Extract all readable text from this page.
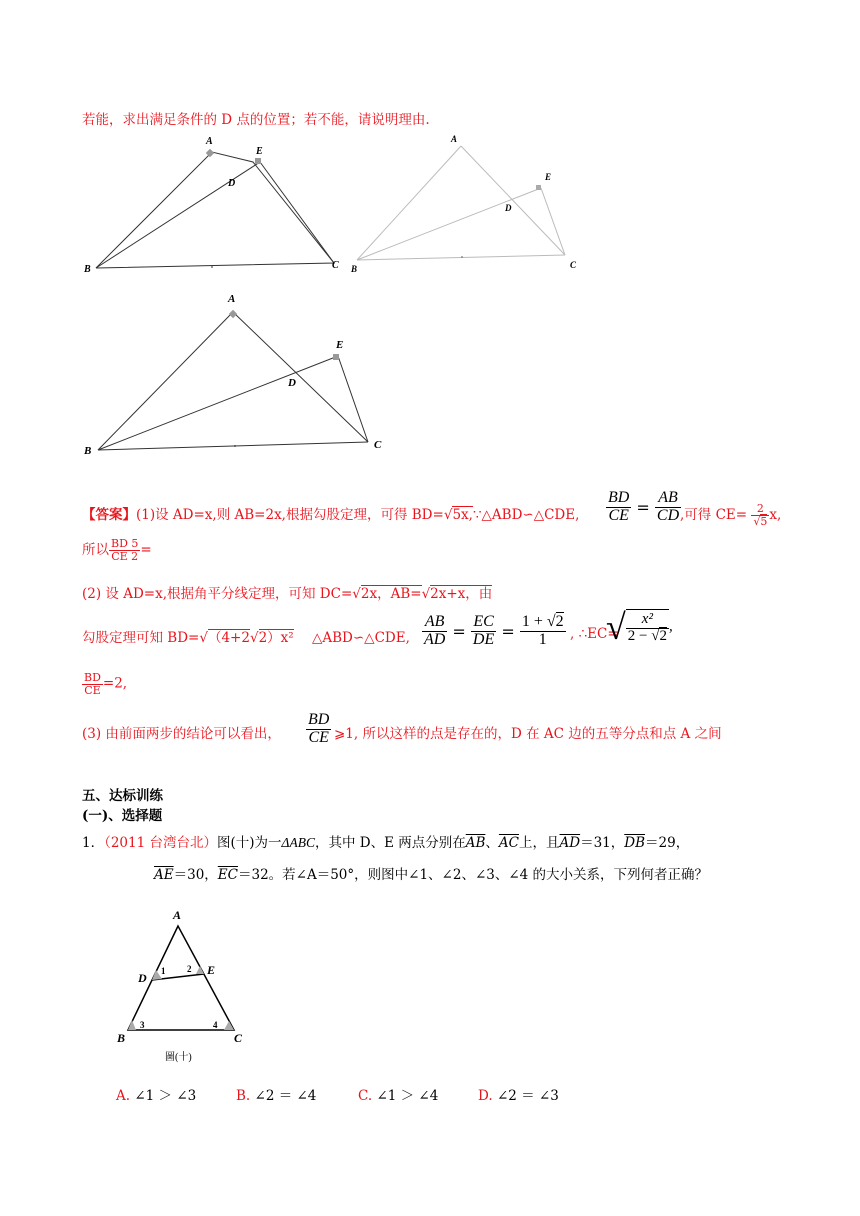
若能，求出满足条件的 D 点的位置；若不能，请说明理由.
A
E
D
B	C
A
E
D
B	C
A
E
D
B	C
【答案】(1)设 AD=x,则 AB=2x,根据勾股定理，可得 BD=√5x,∵△ABD∽△CDE, $\frac{BD}{CE} = \frac{AB}{CD}$
,可得 $CE= \frac{2}{√5} x$,
所以 $\frac{BD 5}{CE 2}$ =
(2) 设 AD=x,根据角平分线定理，可知 DC=√2x，AB=√2x+x，由
勾股定理可知 BD=√（4+2√2）x² △ABD∽△CDE, $\frac{AB}{AD} = \frac{EC}{DE} = \frac{1 + √2}{1}$ , ∴EC=
√ $\frac{\text{x²}}{2 - √2}$ ,
$\frac{BD}{CE} =2$,
(3) 由前面两步的结论可以看出， $\frac{BD}{CE}$ ⩾1, 所以这样的点是存在的，D 在 AC 边的五等分点和点 A 之间
五、达标训练
(一)、选择题
1．（2011 台湾台北）图(十)为一ΔABC，其中 D、E 两点分别在$\overline{AB}$、$\overline{AC}$上，且$\overline{AD}=31$，$\overline{DB}=29$，
$\overline{AE}=30$，$\overline{EC}=32$。若∠A＝50°，则图中∠1、∠2、∠3、∠4 的大小关系，下列何者正确？
A
D
E
B	C
1 2
3	4
圖(十)
A. ∠1 ＞ ∠3	B. ∠2 ＝ ∠4	C. ∠1 ＞ ∠4	D. ∠2 ＝ ∠3
